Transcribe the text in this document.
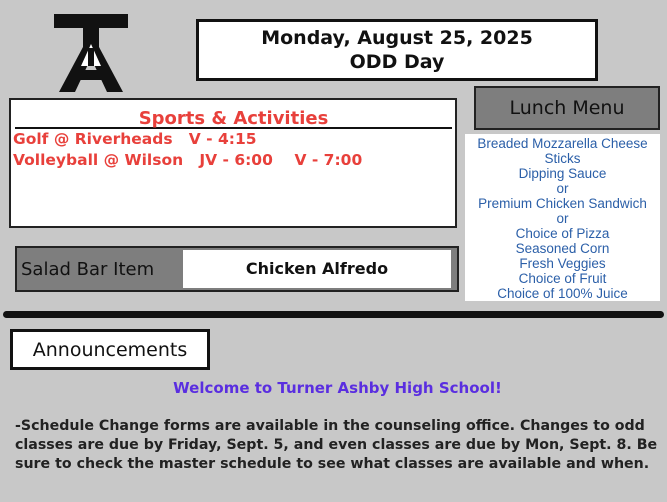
Monday, August 25, 2025
ODD Day
Sports & Activities
Golf @ Riverheads   V - 4:15
Volleyball @ Wilson   JV - 6:00    V - 7:00
Lunch Menu
Breaded Mozzarella Cheese
Sticks
Dipping Sauce
or
Premium Chicken Sandwich
or
Choice of Pizza
Seasoned Corn
Fresh Veggies
Choice of Fruit
Choice of 100% Juice
Salad Bar Item	Chicken Alfredo
Announcements
Welcome to Turner Ashby High School!
-Schedule Change forms are available in the counseling office. Changes to odd classes are due by Friday, Sept. 5, and even classes are due by Mon, Sept. 8. Be sure to check the master schedule to see what classes are available and when.
